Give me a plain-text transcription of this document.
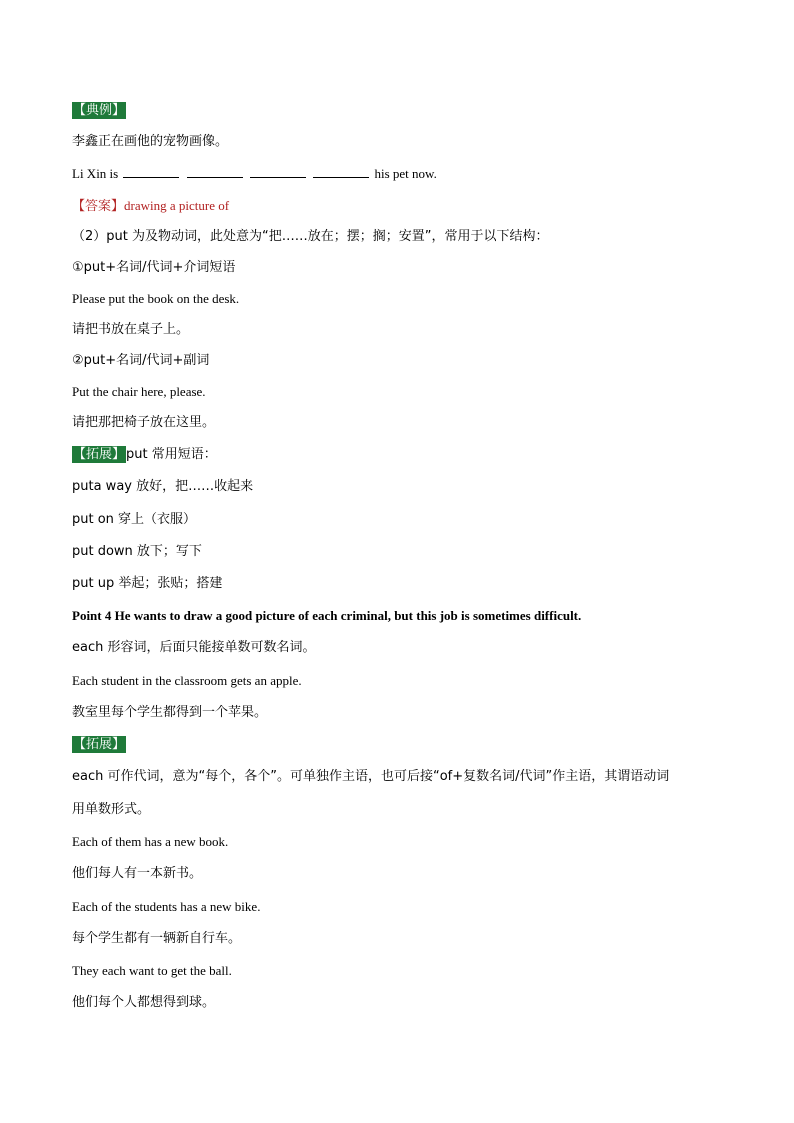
【典例】
李鑫正在画他的宠物画像。
Li Xin is	his pet now.
【答案】drawing a picture of
（2）put 为及物动词，此处意为“把……放在；摆；搁；安置”，常用于以下结构：
①put+名词/代词+介词短语
Please put the book on the desk.
请把书放在桌子上。
②put+名词/代词+副词
Put the chair here, please.
请把那把椅子放在这里。
【拓展】put 常用短语：
puta way 放好，把……收起来
put on 穿上（衣服）
put down 放下；写下
put up 举起；张贴；搭建
Point 4 He wants to draw a good picture of each criminal, but this job is sometimes difficult.
each 形容词，后面只能接单数可数名词。
Each student in the classroom gets an apple.
教室里每个学生都得到一个苹果。
【拓展】
each 可作代词，意为“每个，各个”。可单独作主语，也可后接“of+复数名词/代词”作主语，其谓语动词
用单数形式。
Each of them has a new book.
他们每人有一本新书。
Each of the students has a new bike.
每个学生都有一辆新自行车。
They each want to get the ball.
他们每个人都想得到球。
